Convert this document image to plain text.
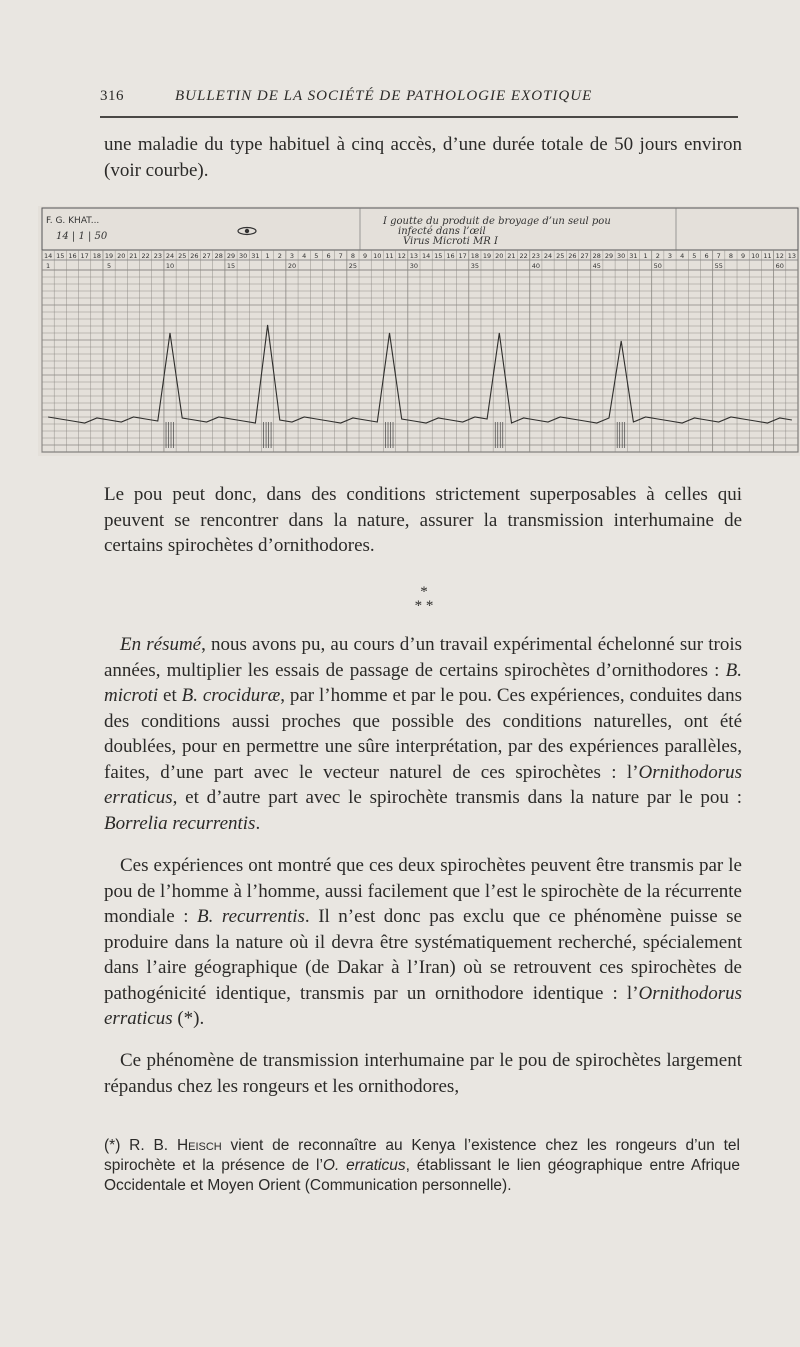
316	BULLETIN DE LA SOCIÉTÉ DE PATHOLOGIE EXOTIQUE

une maladie du type habituel à cinq accès, d’une durée totale de 50 jours environ (voir courbe).

F. G. KHAT...
14 | 1 | 50
I goutte du produit de broyage d’un seul pou
infecté dans l’œil
Virus Microti MR I
14 15 16 17 18 19 20 21 22 23 24 25 26 27 28 29 30 31 1 2 3 4 5 6 7 8 9 10 11 12 13 14 15 16 17 18 19 20 21 22 23 24 25 26 27 28 29 30 31 1 2 3 4 5 6 7 8 9 10 11 12 13
1	5	10	15	20	25	30	35	40	45	50	55	60

Le pou peut donc, dans des conditions strictement superposables à celles qui peuvent se rencontrer dans la nature, assurer la transmission interhumaine de certains spirochètes d’ornithodores.

*
* *

En résumé, nous avons pu, au cours d’un travail expérimental échelonné sur trois années, multiplier les essais de passage de certains spirochètes d’ornithodores : B. microti et B. crociduræ, par l’homme et par le pou. Ces expériences, conduites dans des conditions aussi proches que possible des conditions naturelles, ont été doublées, pour en permettre une sûre interprétation, par des expériences parallèles, faites, d’une part avec le vecteur naturel de ces spirochètes : l’Ornithodorus erraticus, et d’autre part avec le spirochète transmis dans la nature par le pou : Borrelia recurrentis.

Ces expériences ont montré que ces deux spirochètes peuvent être transmis par le pou de l’homme à l’homme, aussi facilement que l’est le spirochète de la récurrente mondiale : B. recurrentis. Il n’est donc pas exclu que ce phénomène puisse se produire dans la nature où il devra être systématiquement recherché, spécialement dans l’aire géographique (de Dakar à l’Iran) où se retrouvent ces spirochètes de pathogénicité identique, transmis par un ornithodore identique : l’Ornithodorus erraticus (*).

Ce phénomène de transmission interhumaine par le pou de spirochètes largement répandus chez les rongeurs et les ornithodores,

(*) R. B. Heisch vient de reconnaître au Kenya l’existence chez les rongeurs d’un tel spirochète et la présence de l’O. erraticus, établissant le lien géographique entre Afrique Occidentale et Moyen Orient (Communication personnelle).
